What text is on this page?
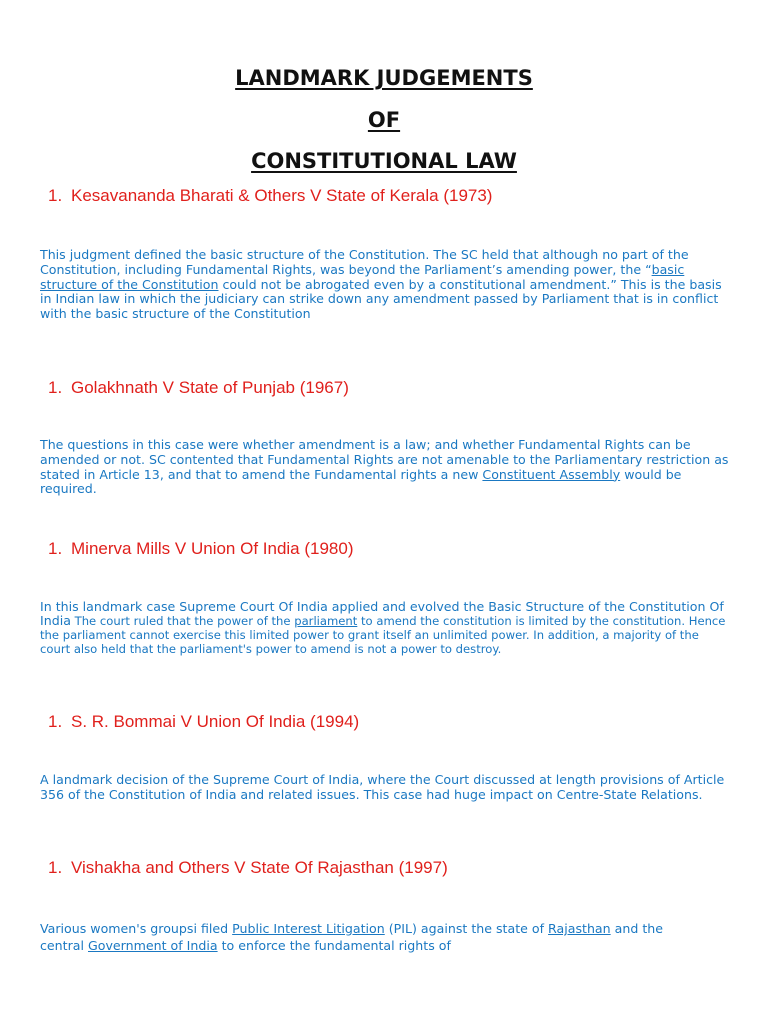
LANDMARK JUDGEMENTS
OF
CONSTITUTIONAL LAW
1. Kesavananda Bharati & Others V State of Kerala (1973)
This judgment defined the basic structure of the Constitution. The SC held that although no part of the Constitution, including Fundamental Rights, was beyond the Parliament’s amending power, the “basic structure of the Constitution could not be abrogated even by a constitutional amendment.” This is the basis in Indian law in which the judiciary can strike down any amendment passed by Parliament that is in conflict with the basic structure of the Constitution
1. Golakhnath V State of Punjab (1967)
The questions in this case were whether amendment is a law; and whether Fundamental Rights can be amended or not. SC contented that Fundamental Rights are not amenable to the Parliamentary restriction as stated in Article 13, and that to amend the Fundamental rights a new Constituent Assembly would be required.
1. Minerva Mills V Union Of India (1980)
In this landmark case Supreme Court Of India applied and evolved the Basic Structure of the Constitution Of India The court ruled that the power of the parliament to amend the constitution is limited by the constitution. Hence the parliament cannot exercise this limited power to grant itself an unlimited power. In addition, a majority of the court also held that the parliament's power to amend is not a power to destroy.
1. S. R. Bommai V Union Of India (1994)
A landmark decision of the Supreme Court of India, where the Court discussed at length provisions of Article 356 of the Constitution of India and related issues. This case had huge impact on Centre-State Relations.
1. Vishakha and Others V State Of Rajasthan (1997)
Various women's groupsi filed Public Interest Litigation (PIL) against the state of Rajasthan and the central Government of India to enforce the fundamental rights of
